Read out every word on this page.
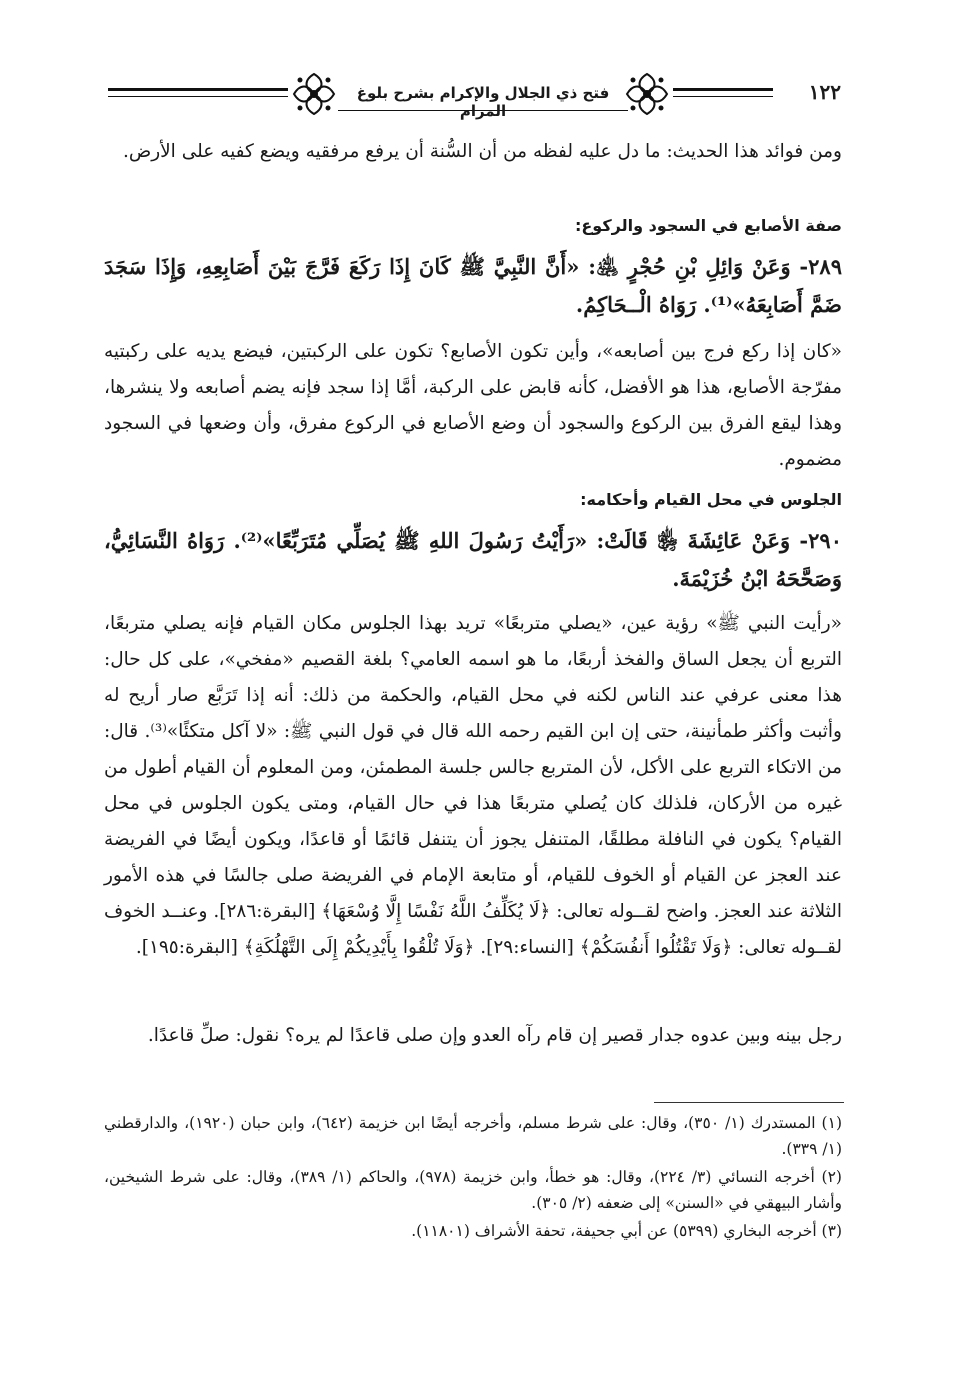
فتح ذي الجلال والإكرام بشرح بلوغ المرام
١٢٢
ومن فوائد هذا الحديث: ما دل عليه لفظه من أن السُّنة أن يرفع مرفقيه ويضع كفيه على الأرض.
صفة الأصابع في السجود والركوع:
٢٨٩- وَعَنْ وَائِلِ بْنِ حُجْرٍ ﵁: «أَنَّ النَّبِيَّ ﷺ كَانَ إِذَا رَكَعَ فَرَّجَ بَيْنَ أَصَابِعِهِ، وَإِذَا سَجَدَ ضَمَّ أَصَابِعَهُ»⁽¹⁾. رَوَاهُ الْــحَاكِمُ.
«كان إذا ركع فرج بين أصابعه»، وأين تكون الأصابع؟ تكون على الركبتين، فيضع يديه على ركبتيه مفرّجة الأصابع، هذا هو الأفضل، كأنه قابض على الركبة، أمَّا إذا سجد فإنه يضم أصابعه ولا ينشرها، وهذا ليقع الفرق بين الركوع والسجود أن وضع الأصابع في الركوع مفرق، وأن وضعها في السجود مضموم.
الجلوس في محل القيام وأحكامه:
٢٩٠- وَعَنْ عَائِشَةَ ﵂ قَالَتْ: «رَأَيْتُ رَسُولَ اللهِ ﷺ يُصَلِّي مُتَرَبِّعًا»⁽²⁾. رَوَاهُ النَّسَائِيُّ، وَصَحَّحَهُ ابْنُ خُزَيْمَةَ.
«رأيت النبي ﷺ» رؤية عين، «يصلي متربعًا» تريد بهذا الجلوس مكان القيام فإنه يصلي متربعًا، التربع أن يجعل الساق والفخذ أربعًا، ما هو اسمه العامي؟ بلغة القصيم «مفخي»، على كل حال: هذا معنى عرفي عند الناس لكنه في محل القيام، والحكمة من ذلك: أنه إذا تَرَبَّع صار أريح له وأثبت وأكثر طمأنينة، حتى إن ابن القيم رحمه الله قال في قول النبي ﷺ: «لا آكل متكئًا»⁽³⁾. قال: من الاتكاء التربع على الأكل، لأن المتربع جالس جلسة المطمئن، ومن المعلوم أن القيام أطول من غيره من الأركان، فلذلك كان يُصلي متربعًا هذا في حال القيام، ومتى يكون الجلوس في محل القيام؟ يكون في النافلة مطلقًا، المتنفل يجوز أن يتنفل قائمًا أو قاعدًا، ويكون أيضًا في الفريضة عند العجز عن القيام أو الخوف للقيام، أو متابعة الإمام في الفريضة صلى جالسًا في هذه الأمور الثلاثة عند العجز. واضح لقــوله تعالى: ﴿لَا يُكَلِّفُ اللَّهُ نَفْسًا إِلَّا وُسْعَهَا﴾ [البقرة:٢٨٦]. وعنــد الخوف لقــوله تعالى: ﴿وَلَا تَقْتُلُوا أَنفُسَكُمْ﴾ [النساء:٢٩]. ﴿وَلَا تُلْقُوا بِأَيْدِيكُمْ إِلَى التَّهْلُكَةِ﴾ [البقرة:١٩٥].
رجل بينه وبين عدوه جدار قصير إن قام رآه العدو وإن صلى قاعدًا لم يره؟ نقول: صلِّ قاعدًا.
(١) المستدرك (١/ ٣٥٠)، وقال: على شرط مسلم، وأخرجه أيضًا ابن خزيمة (٦٤٢)، وابن حبان (١٩٢٠)، والدارقطني (١/ ٣٣٩).
(٢) أخرجه النسائي (٣/ ٢٢٤)، وقال: هو خطأ، وابن خزيمة (٩٧٨)، والحاكم (١/ ٣٨٩)، وقال: على شرط الشيخين، وأشار البيهقي في «السنن» إلى ضعفه (٢/ ٣٠٥).
(٣) أخرجه البخاري (٥٣٩٩) عن أبي جحيفة، تحفة الأشراف (١١٨٠١).
